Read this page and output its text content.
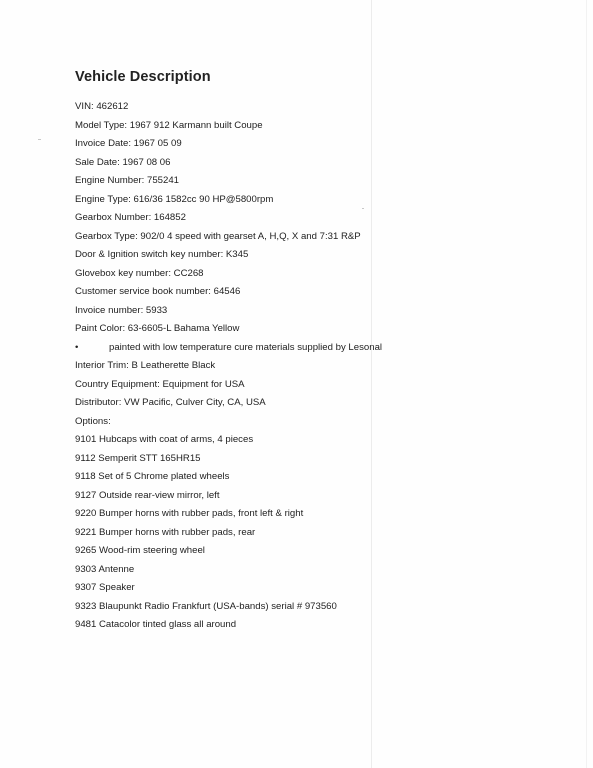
Vehicle Description
VIN: 462612
Model Type: 1967 912 Karmann built Coupe
Invoice Date: 1967 05 09
Sale Date: 1967 08 06
Engine Number: 755241
Engine Type: 616/36 1582cc 90 HP@5800rpm
Gearbox Number: 164852
Gearbox Type: 902/0 4 speed with gearset A, H,Q, X and 7:31 R&P
Door & Ignition switch key number: K345
Glovebox key number: CC268
Customer service book number: 64546
Invoice number: 5933
Paint Color: 63-6605-L Bahama Yellow
•	painted with low temperature cure materials supplied by Lesonal
Interior Trim: B Leatherette Black
Country Equipment: Equipment for USA
Distributor: VW Pacific, Culver City, CA, USA
Options:
9101 Hubcaps with coat of arms, 4 pieces
9112 Semperit STT 165HR15
9118 Set of 5 Chrome plated wheels
9127 Outside rear-view mirror, left
9220 Bumper horns with rubber pads, front left & right
9221 Bumper horns with rubber pads, rear
9265 Wood-rim steering wheel
9303 Antenne
9307 Speaker
9323 Blaupunkt Radio Frankfurt (USA-bands) serial # 973560
9481 Catacolor tinted glass all around
